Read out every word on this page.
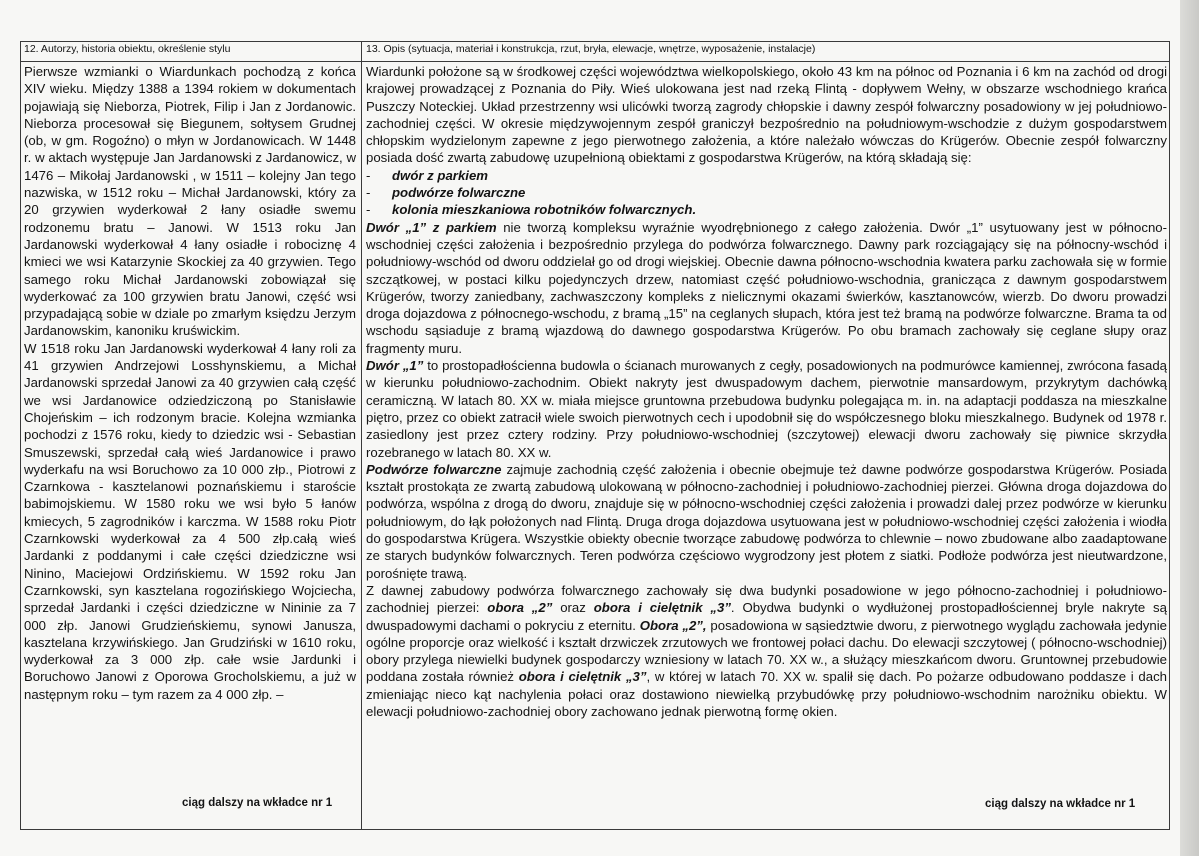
12. Autorzy, historia obiektu, określenie stylu	13. Opis (sytuacja, materiał i konstrukcja, rzut, bryła, elewacje, wnętrze, wyposażenie, instalacje)

Pierwsze wzmianki o Wiardunkach pochodzą z końca XIV wieku. Między 1388 a 1394 rokiem w dokumentach pojawiają się Nieborza, Piotrek, Filip i Jan z Jordanowic. Nieborza procesował się Biegunem, sołtysem Grudnej (ob, w gm. Rogoźno) o młyn w Jordanowicach. W 1448 r. w aktach występuje Jan Jardanowski z Jardanowicz, w 1476 – Mikołaj Jardanowski , w 1511 – kolejny Jan tego nazwiska, w 1512 roku – Michał Jardanowski, który za 20 grzywien wyderkował 2 łany osiadłe swemu rodzonemu bratu – Janowi. W 1513 roku Jan Jardanowski wyderkował 4 łany osiadłe i robociznę 4 kmieci we wsi Katarzynie Skockiej za 40 grzywien. Tego samego roku Michał Jardanowski zobowiązał się wyderkować za 100 grzywien bratu Janowi, część wsi przypadającą sobie w dziale po zmarłym księdzu Jerzym Jardanowskim, kanoniku kruświckim.

W 1518 roku Jan Jardanowski wyderkował 4 łany roli za 41 grzywien Andrzejowi Losshynskiemu, a Michał Jardanowski sprzedał Janowi za 40 grzywien całą część we wsi Jardanowice odziedziczoną po Stanisławie Chojeńskim – ich rodzonym bracie. Kolejna wzmianka pochodzi z 1576 roku, kiedy to dziedzic wsi - Sebastian Smuszewski, sprzedał całą wieś Jardanowice i prawo wyderkafu na wsi Boruchowo za 10 000 złp., Piotrowi z Czarnkowa - kasztelanowi poznańskiemu i staroście babimojskiemu. W 1580 roku we wsi było 5 łanów kmiecych, 5 zagrodników i karczma. W 1588 roku Piotr Czarnkowski wyderkował za 4 500 złp.całą wieś Jardanki z poddanymi i całe części dziedziczne wsi Ninino, Maciejowi Ordzińskiemu. W 1592 roku Jan Czarnkowski, syn kasztelana rogozińskiego Wojciecha, sprzedał Jardanki i części dziedziczne w Nininie za 7 000 złp. Janowi Grudzieńskiemu, synowi Janusza, kasztelana krzywińskiego. Jan Grudziński w 1610 roku, wyderkował za 3 000 złp. całe wsie Jardunki i Boruchowo Janowi z Oporowa Grocholskiemu, a już w następnym roku – tym razem za 4 000 złp. –

ciąg dalszy na wkładce nr 1

Wiardunki położone są w środkowej części województwa wielkopolskiego, około 43 km na północ od Poznania i 6 km na zachód od drogi krajowej prowadzącej z Poznania do Piły. Wieś ulokowana jest nad rzeką Flintą - dopływem Wełny, w obszarze wschodniego krańca Puszczy Noteckiej. Układ przestrzenny wsi ulicówki tworzą zagrody chłopskie i dawny zespół folwarczny posadowiony w jej południowo-zachodniej części. W okresie międzywojennym zespół graniczył bezpośrednio na południowym-wschodzie z dużym gospodarstwem chłopskim wydzielonym zapewne z jego pierwotnego założenia, a które należało wówczas do Krügerów. Obecnie zespół folwarczny posiada dość zwartą zabudowę uzupełnioną obiektami z gospodarstwa Krügerów, na którą składają się:

-	dwór z parkiem
-	podwórze folwarczne
-	kolonia mieszkaniowa robotników folwarcznych.

Dwór „1” z parkiem nie tworzą kompleksu wyraźnie wyodrębnionego z całego założenia. Dwór „1” usytuowany jest w północno-wschodniej części założenia i bezpośrednio przylega do podwórza folwarcznego. Dawny park rozciągający się na północny-wschód i południowy-wschód od dworu oddzielał go od drogi wiejskiej. Obecnie dawna północno-wschodnia kwatera parku zachowała się w formie szczątkowej, w postaci kilku pojedynczych drzew, natomiast część południowo-wschodnia, graniczącа z dawnym gospodarstwem Krügerów, tworzy zaniedbany, zachwaszczony kompleks z nielicznymi okazami świerków, kasztanowców, wierzb. Do dworu prowadzi droga dojazdowa z północnego-wschodu, z bramą „15” na ceglanych słupach, która jest też bramą na podwórze folwarczne. Brama ta od wschodu sąsiaduje z bramą wjazdową do dawnego gospodarstwa Krügerów. Po obu bramach zachowały się ceglane słupy oraz fragmenty muru.

Dwór „1” to prostopadłościenna budowla o ścianach murowanych z cegły, posadowionych na podmurówce kamiennej, zwrócona fasadą w kierunku południowo-zachodnim. Obiekt nakryty jest dwuspadowym dachem, pierwotnie mansardowym, przykrytym dachówką ceramiczną. W latach 80. XX w. miała miejsce gruntowna przebudowa budynku polegająca m. in. na adaptacji poddasza na mieszkalne piętro, przez co obiekt zatracił wiele swoich pierwotnych cech i upodobnił się do współczesnego bloku mieszkalnego. Budynek od 1978 r. zasiedlony jest przez cztery rodziny. Przy południowo-wschodniej (szczytowej) elewacji dworu zachowały się piwnice skrzydła rozebranego w latach 80. XX w.

Podwórze folwarczne zajmuje zachodnią część założenia i obecnie obejmuje też dawne podwórze gospodarstwa Krügerów. Posiada kształt prostokąta ze zwartą zabudową ulokowaną w północno-zachodniej i południowo-zachodniej pierzei. Główna droga dojazdowa do podwórza, wspólna z drogą do dworu, znajduje się w północno-wschodniej części założenia i prowadzi dalej przez podwórze w kierunku południowym, do łąk położonych nad Flintą. Druga droga dojazdowa usytuowana jest w południowo-wschodniej części założenia i wiodła do gospodarstwa Krügera. Wszystkie obiekty obecnie tworzące zabudowę podwórza to chlewnie – nowo zbudowane albo zaadaptowane ze starych budynków folwarcznych. Teren podwórza częściowo wygrodzony jest płotem z siatki. Podłoże podwórza jest nieutwardzone, porośnięte trawą.

Z dawnej zabudowy podwórza folwarcznego zachowały się dwa budynki posadowione w jego północno-zachodniej i południowo-zachodniej pierzei: obora „2” oraz obora i cielętnik „3”. Obydwa budynki o wydłużonej prostopadłościennej bryle nakryte są dwuspadowymi dachami o pokryciu z eternitu. Obora „2”, posadowiona w sąsiedztwie dworu, z pierwotnego wyglądu zachowała jedynie ogólne proporcje oraz wielkość i kształt drzwiczek zrzutowych we frontowej połaci dachu. Do elewacji szczytowej ( północno-wschodniej) obory przylega niewielki budynek gospodarczy wzniesiony w latach 70. XX w., a służący mieszkańcom dworu. Gruntownej przebudowie poddana została również obora i cielętnik „3”, w której w latach 70. XX w. spalił się dach. Po pożarze odbudowano poddasze i dach zmieniając nieco kąt nachylenia połaci oraz dostawiono niewielką przybudówkę przy południowo-wschodnim narożniku obiektu. W elewacji południowo-zachodniej obory zachowano jednak pierwotną formę okien.

ciąg dalszy na wkładce nr 1
